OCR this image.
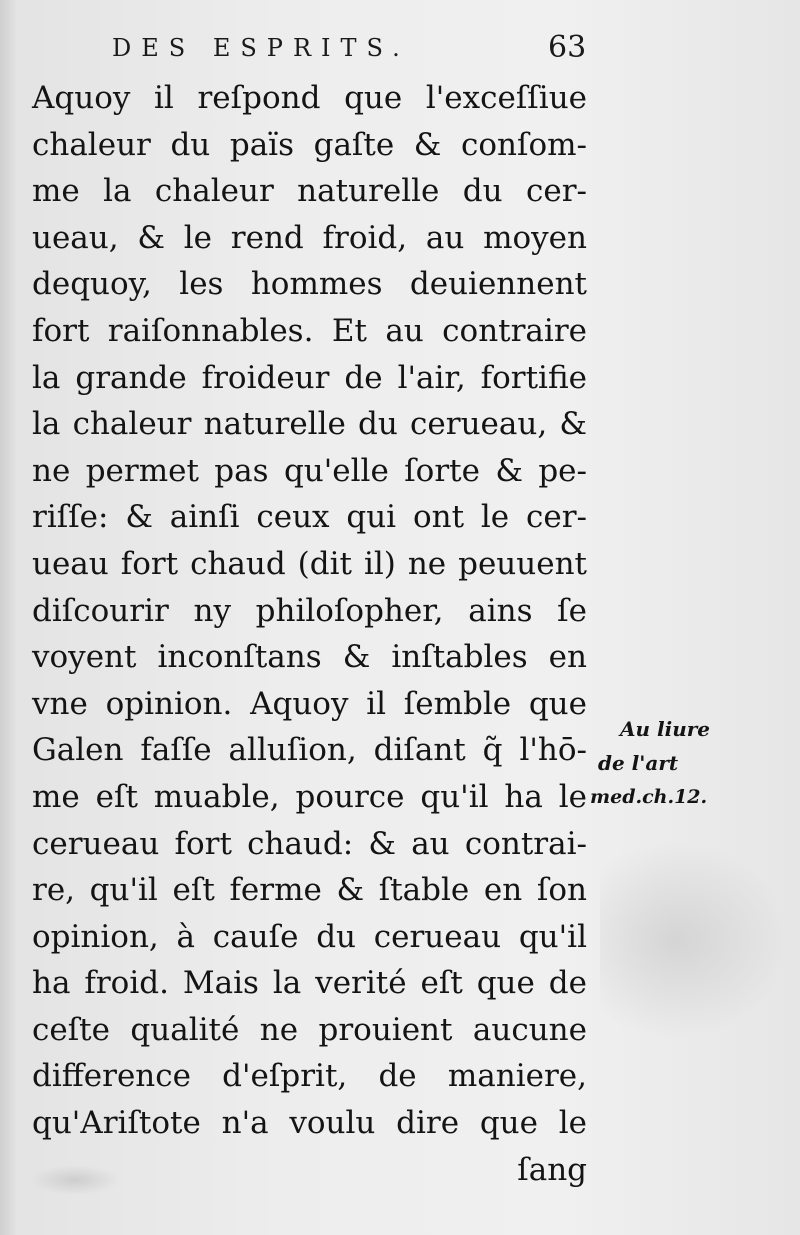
DES ESPRITS.	63
Aquoy il reſpond que l'exceſſiue
chaleur du païs gaſte & conſom-
me la chaleur naturelle du cer-
ueau, & le rend froid, au moyen
dequoy, les hommes deuiennent
fort raiſonnables. Et au contraire
la grande froideur de l'air, fortifie
la chaleur naturelle du cerueau, &
ne permet pas qu'elle ſorte & pe-
riſſe: & ainſi ceux qui ont le cer-
ueau fort chaud (dit il) ne peuuent
diſcourir ny philoſopher, ains ſe
voyent inconſtans & inſtables en
vne opinion. Aquoy il ſemble que
Galen faſſe alluſion, diſant q̃ l'hō-
me eſt muable, pource qu'il ha le
cerueau fort chaud: & au contrai-
re, qu'il eſt ferme & ſtable en ſon
opinion, à cauſe du cerueau qu'il
ha froid. Mais la verité eſt que de
ceſte qualité ne prouient aucune
difference d'eſprit, de maniere,
qu'Ariſtote n'a voulu dire que le
ſang
Au liure
de l'art
med.ch.12.
